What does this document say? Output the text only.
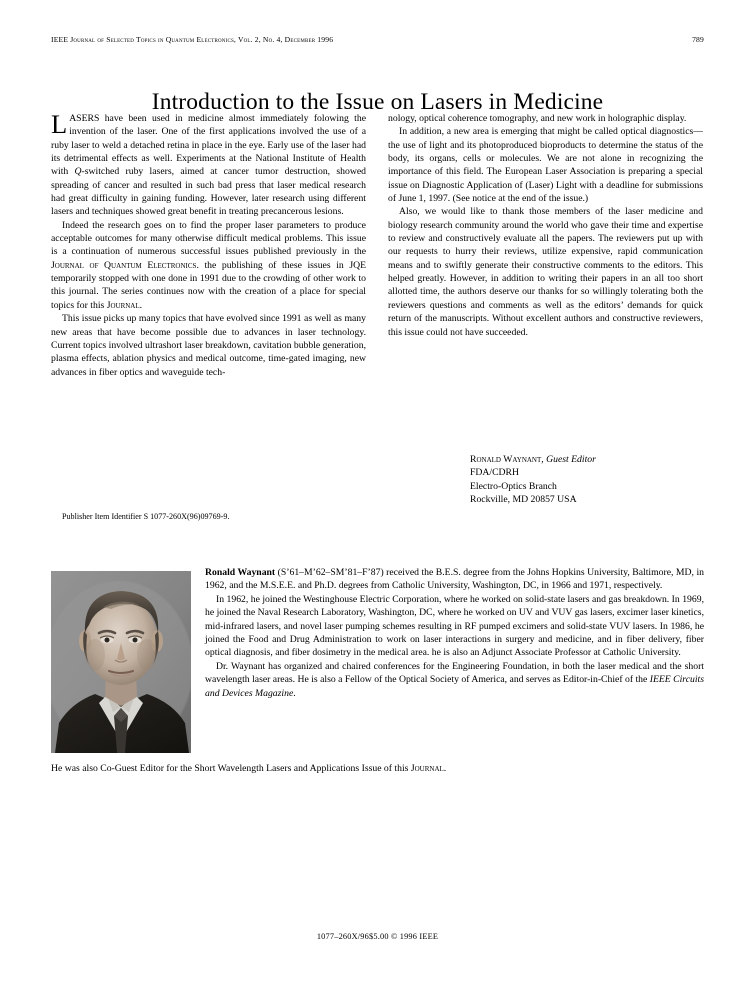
IEEE Journal of Selected Topics in Quantum Electronics, Vol. 2, No. 4, December 1996	789
Introduction to the Issue on Lasers in Medicine

LASERS have been used in medicine almost immediately folowing the invention of the laser. One of the first applications involved the use of a ruby laser to weld a detached retina in place in the eye. Early use of the laser had its detrimental effects as well. Experiments at the National Institute of Health with Q-switched ruby lasers, aimed at cancer tumor destruction, showed spreading of cancer and resulted in such bad press that laser medical research had great difficulty in gaining funding. However, later research using different lasers and techniques showed great benefit in treating precancerous lesions.

Indeed the research goes on to find the proper laser parameters to produce acceptable outcomes for many otherwise difficult medical problems. This issue is a continuation of numerous successful issues published previously in the Journal of Quantum Electronics. the publishing of these issues in JQE temporarily stopped with one done in 1991 due to the crowding of other work to this journal. The series continues now with the creation of a place for special topics for this Journal.

This issue picks up many topics that have evolved since 1991 as well as many new areas that have become possible due to advances in laser technology. Current topics involved ultrashort laser breakdown, cavitation bubble generation, plasma effects, ablation physics and medical outcome, time-gated imaging, new advances in fiber optics and waveguide tech-

nology, optical coherence tomography, and new work in holographic display.

In addition, a new area is emerging that might be called optical diagnostics—the use of light and its photoproduced bioproducts to determine the status of the body, its organs, cells or molecules. We are not alone in recognizing the importance of this field. The European Laser Association is preparing a special issue on Diagnostic Application of (Laser) Light with a deadline for submissions of June 1, 1997. (See notice at the end of the issue.)

Also, we would like to thank those members of the laser medicine and biology research community around the world who gave their time and expertise to review and constructively evaluate all the papers. The reviewers put up with our requests to hurry their reviews, utilize expensive, rapid communication means and to swiftly generate their constructive comments to the editors. This helped greatly. However, in addition to writing their papers in an all too short allotted time, the authors deserve our thanks for so willingly tolerating both the reviewers questions and comments as well as the editors’ demands for quick return of the manuscripts. Without excellent authors and constructive reviewers, this issue could not have succeeded.

Publisher Item Identifier S 1077-260X(96)09769-9.
Ronald Waynant, Guest Editor
FDA/CDRH
Electro-Optics Branch
Rockville, MD 20857 USA

Ronald Waynant (S’61–M’62–SM’81–F’87) received the B.E.S. degree from the Johns Hopkins University, Baltimore, MD, in 1962, and the M.S.E.E. and Ph.D. degrees from Catholic University, Washington, DC, in 1966 and 1971, respectively.

In 1962, he joined the Westinghouse Electric Corporation, where he worked on solid-state lasers and gas breakdown. In 1969, he joined the Naval Research Laboratory, Washington, DC, where he worked on UV and VUV gas lasers, excimer laser kinetics, mid-infrared lasers, and novel laser pumping schemes resulting in RF pumped excimers and solid-state VUV lasers. In 1986, he joined the Food and Drug Administration to work on laser interactions in surgery and medicine, and in fiber delivery, fiber optical diagnosis, and fiber dosimetry in the medical area. he is also an Adjunct Associate Professor at Catholic University.

Dr. Waynant has organized and chaired conferences for the Engineering Foundation, in both the laser medical and the short wavelength laser areas. He is also a Fellow of the Optical Society of America, and serves as Editor-in-Chief of the IEEE Circuits and Devices Magazine.

He was also Co-Guest Editor for the Short Wavelength Lasers and Applications Issue of this Journal.
1077–260X/96$5.00 © 1996 IEEE
